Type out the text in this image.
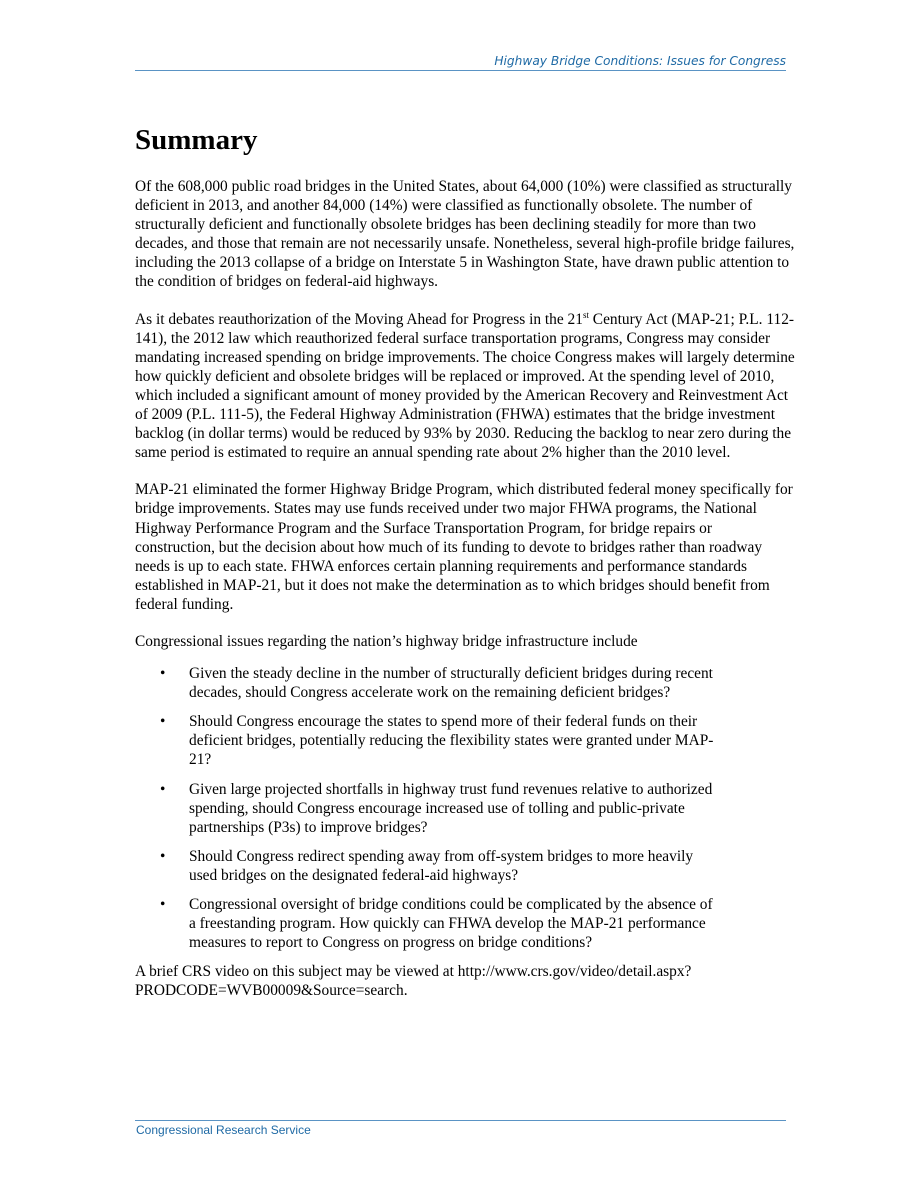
Highway Bridge Conditions: Issues for Congress
Summary

Of the 608,000 public road bridges in the United States, about 64,000 (10%) were classified as structurally deficient in 2013, and another 84,000 (14%) were classified as functionally obsolete. The number of structurally deficient and functionally obsolete bridges has been declining steadily for more than two decades, and those that remain are not necessarily unsafe. Nonetheless, several high-profile bridge failures, including the 2013 collapse of a bridge on Interstate 5 in Washington State, have drawn public attention to the condition of bridges on federal-aid highways.

As it debates reauthorization of the Moving Ahead for Progress in the 21st Century Act (MAP-21; P.L. 112-141), the 2012 law which reauthorized federal surface transportation programs, Congress may consider mandating increased spending on bridge improvements. The choice Congress makes will largely determine how quickly deficient and obsolete bridges will be replaced or improved. At the spending level of 2010, which included a significant amount of money provided by the American Recovery and Reinvestment Act of 2009 (P.L. 111-5), the Federal Highway Administration (FHWA) estimates that the bridge investment backlog (in dollar terms) would be reduced by 93% by 2030. Reducing the backlog to near zero during the same period is estimated to require an annual spending rate about 2% higher than the 2010 level.

MAP-21 eliminated the former Highway Bridge Program, which distributed federal money specifically for bridge improvements. States may use funds received under two major FHWA programs, the National Highway Performance Program and the Surface Transportation Program, for bridge repairs or construction, but the decision about how much of its funding to devote to bridges rather than roadway needs is up to each state. FHWA enforces certain planning requirements and performance standards established in MAP-21, but it does not make the determination as to which bridges should benefit from federal funding.

Congressional issues regarding the nation’s highway bridge infrastructure include

• Given the steady decline in the number of structurally deficient bridges during recent decades, should Congress accelerate work on the remaining deficient bridges?
• Should Congress encourage the states to spend more of their federal funds on their deficient bridges, potentially reducing the flexibility states were granted under MAP-21?
• Given large projected shortfalls in highway trust fund revenues relative to authorized spending, should Congress encourage increased use of tolling and public-private partnerships (P3s) to improve bridges?
• Should Congress redirect spending away from off-system bridges to more heavily used bridges on the designated federal-aid highways?
• Congressional oversight of bridge conditions could be complicated by the absence of a freestanding program. How quickly can FHWA develop the MAP-21 performance measures to report to Congress on progress on bridge conditions?

A brief CRS video on this subject may be viewed at http://www.crs.gov/video/detail.aspx?PRODCODE=WVB00009&Source=search.

Congressional Research Service
